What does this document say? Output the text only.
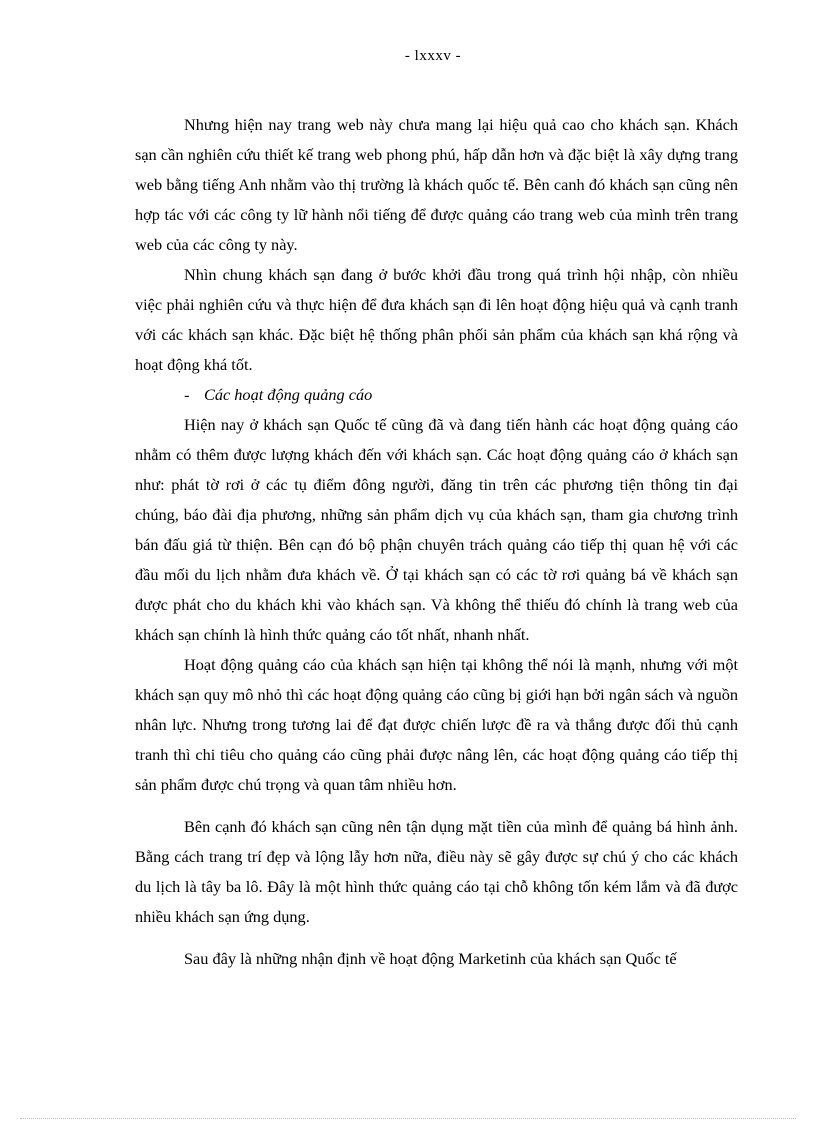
- lxxxv -

Nhưng hiện nay trang web này chưa mang lại hiệu quả cao cho khách sạn. Khách sạn cần nghiên cứu thiết kế trang web phong phú, hấp dẫn hơn và đặc biệt là xây dựng trang web bằng tiếng Anh nhằm vào thị trường là khách quốc tế. Bên canh đó khách sạn cũng nên hợp tác với các công ty lữ hành nổi tiếng để được quảng cáo trang web của mình trên trang web của các công ty này.

Nhìn chung khách sạn đang ở bước khởi đầu trong quá trình hội nhập, còn nhiều việc phải nghiên cứu và thực hiện để đưa khách sạn đi lên hoạt động hiệu quả và cạnh tranh với các khách sạn khác. Đặc biệt hệ thống phân phối sản phẩm của khách sạn khá rộng và hoạt động khá tốt.

- Các hoạt động quảng cáo

Hiện nay ở khách sạn Quốc tế cũng đã và đang tiến hành các hoạt động quảng cáo nhằm có thêm được lượng khách đến với khách sạn. Các hoạt động quảng cáo ở khách sạn như: phát tờ rơi ở các tụ điểm đông người, đăng tin trên các phương tiện thông tin đại chúng, báo đài địa phương, những sản phẩm dịch vụ của khách sạn, tham gia chương trình bán đấu giá từ thiện. Bên cạn đó bộ phận chuyên trách quảng cáo tiếp thị quan hệ với các đầu mối du lịch nhằm đưa khách về. Ở tại khách sạn có các tờ rơi quảng bá về khách sạn được phát cho du khách khi vào khách sạn. Và không thể thiếu đó chính là trang web của khách sạn chính là hình thức quảng cáo tốt nhất, nhanh nhất.

Hoạt động quảng cáo của khách sạn hiện tại không thể nói là mạnh, nhưng với một khách sạn quy mô nhỏ thì các hoạt động quảng cáo cũng bị giới hạn bởi ngân sách và nguồn nhân lực. Nhưng trong tương lai để đạt được chiến lược đề ra và thắng được đối thủ cạnh tranh thì chi tiêu cho quảng cáo cũng phải được nâng lên, các hoạt động quảng cáo tiếp thị sản phẩm được chú trọng và quan tâm nhiều hơn.

Bên cạnh đó khách sạn cũng nên tận dụng mặt tiền của mình để quảng bá hình ảnh. Bằng cách trang trí đẹp và lộng lẫy hơn nữa, điều này sẽ gây được sự chú ý cho các khách du lịch là tây ba lô. Đây là một hình thức quảng cáo tại chỗ không tốn kém lắm và đã được nhiều khách sạn ứng dụng.

Sau đây là những nhận định về hoạt động Marketinh của khách sạn Quốc tế
